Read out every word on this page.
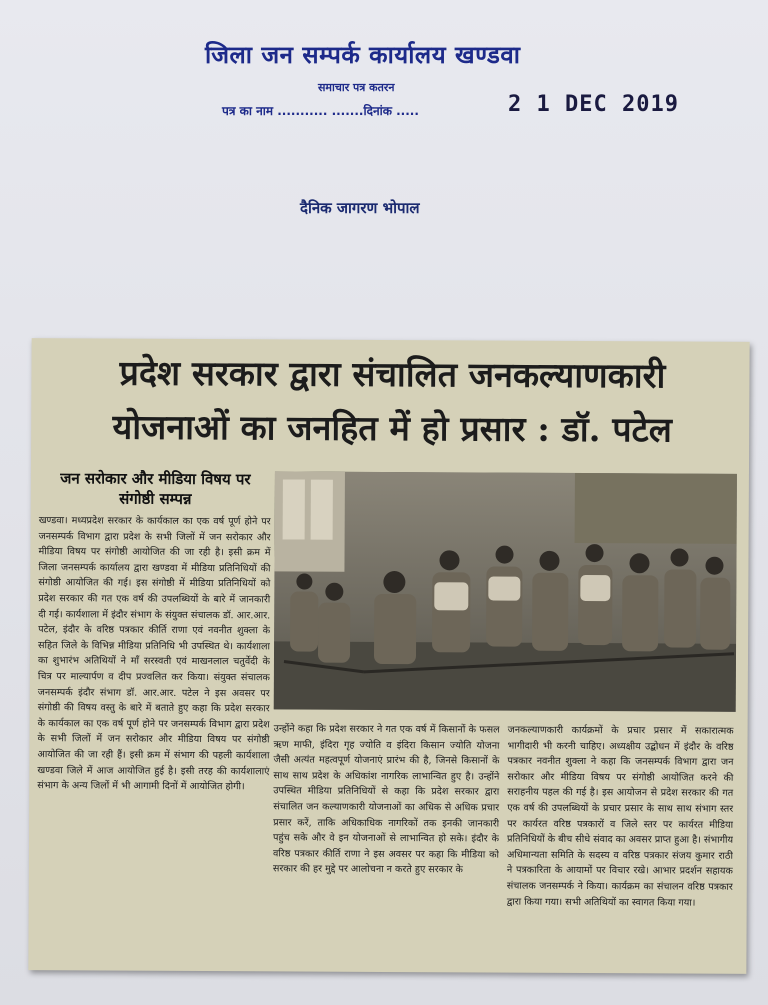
जिला जन सम्पर्क कार्यालय खण्डवा
समाचार पत्र कतरन
पत्र का नाम ........... .......दिनांक .....	2 1 DEC 2019
दैनिक जागरण भोपाल
प्रदेश सरकार द्वारा संचालित जनकल्याणकारी
योजनाओं का जनहित में हो प्रसार : डॉ. पटेल
जन सरोकार और मीडिया विषय पर संगोष्ठी सम्पन्न
खण्डवा। मध्यप्रदेश सरकार के कार्यकाल का एक वर्ष पूर्ण होने पर जनसम्पर्क विभाग द्वारा प्रदेश के सभी जिलों में जन सरोकार और मीडिया विषय पर संगोष्ठी आयोजित की जा रही है। इसी क्रम में जिला जनसम्पर्क कार्यालय द्वारा खण्डवा में मीडिया प्रतिनिधियों की संगोष्ठी आयोजित की गई। इस संगोष्ठी में मीडिया प्रतिनिधियों को प्रदेश सरकार की गत एक वर्ष की उपलब्धियों के बारे में जानकारी दी गई। कार्यशाला में इंदौर संभाग के संयुक्त संचालक डॉ. आर.आर. पटेल, इंदौर के वरिष्ठ पत्रकार कीर्ति राणा एवं नवनीत शुक्ला के सहित जिले के विभिन्न मीडिया प्रतिनिधि भी उपस्थित थे। कार्यशाला का शुभारंभ अतिथियों ने माँ सरस्वती एवं माखनलाल चतुर्वेदी के चित्र पर माल्यार्पण व दीप प्रज्वलित कर किया। संयुक्त संचालक जनसम्पर्क इंदौर संभाग डॉ. आर.आर. पटेल ने इस अवसर पर संगोष्ठी की विषय वस्तु के बारे में बताते हुए कहा कि प्रदेश सरकार के कार्यकाल का एक वर्ष पूर्ण होने पर जनसम्पर्क विभाग द्वारा प्रदेश के सभी जिलों में जन सरोकार और मीडिया विषय पर संगोष्ठी आयोजित की जा रही हैं। इसी क्रम में संभाग की पहली कार्यशाला खण्डवा जिले में आज आयोजित हुई है। इसी तरह की कार्यशालाएं संभाग के अन्य जिलों में भी आगामी दिनों में आयोजित होगी।
उन्होंने कहा कि प्रदेश सरकार ने गत एक वर्ष में किसानों के फसल ऋण माफी, इंदिरा गृह ज्योति व इंदिरा किसान ज्योति योजना जैसी अत्यंत महत्वपूर्ण योजनाएं प्रारंभ की है, जिनसे किसानों के साथ साथ प्रदेश के अधिकांश नागरिक लाभान्वित हुए है। उन्होंने उपस्थित मीडिया प्रतिनिधियों से कहा कि प्रदेश सरकार द्वारा संचालित जन कल्याणकारी योजनाओं का अधिक से अधिक प्रचार प्रसार करें, ताकि अधिकाधिक नागरिकों तक इनकी जानकारी पहुंच सके और वे इन योजनाओं से लाभान्वित हो सके। इंदौर के वरिष्ठ पत्रकार कीर्ति राणा ने इस अवसर पर कहा कि मीडिया को सरकार की हर मुद्दे पर आलोचना न करते हुए सरकार के
जनकल्याणकारी कार्यक्रमों के प्रचार प्रसार में सकारात्मक भागीदारी भी करनी चाहिए। अध्यक्षीय उद्बोधन में इंदौर के वरिष्ठ पत्रकार नवनीत शुक्ला ने कहा कि जनसम्पर्क विभाग द्वारा जन सरोकार और मीडिया विषय पर संगोष्ठी आयोजित करने की सराहनीय पहल की गई है। इस आयोजन से प्रदेश सरकार की गत एक वर्ष की उपलब्धियों के प्रचार प्रसार के साथ साथ संभाग स्तर पर कार्यरत वरिष्ठ पत्रकारों व जिले स्तर पर कार्यरत मीडिया प्रतिनिधियों के बीच सीधे संवाद का अवसर प्राप्त हुआ है। संभागीय अधिमान्यता समिति के सदस्य व वरिष्ठ पत्रकार संजय कुमार राठी ने पत्रकारिता के आयामों पर विचार रखे। आभार प्रदर्शन सहायक संचालक जनसम्पर्क ने किया। कार्यक्रम का संचालन वरिष्ठ पत्रकार द्वारा किया गया। सभी अतिथियों का स्वागत किया गया।
